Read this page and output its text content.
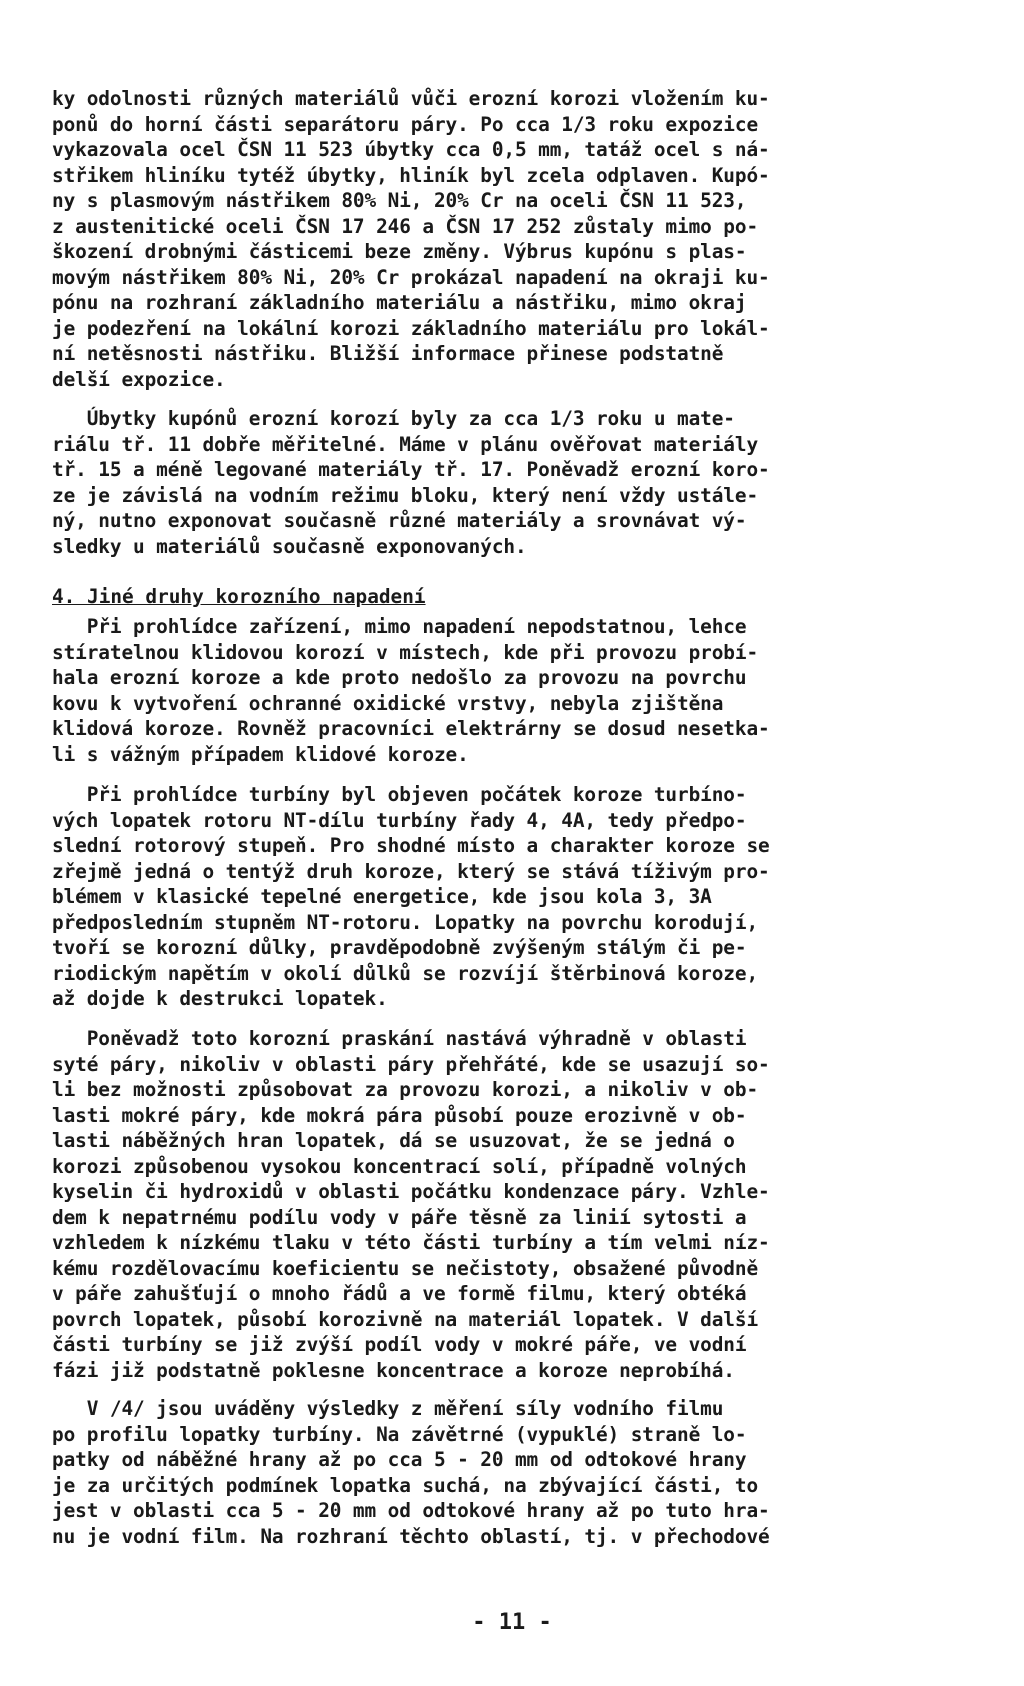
ky odolnosti různých materiálů vůči erozní korozi vložením ku-
ponů do horní části separátoru páry. Po cca 1/3 roku expozice
vykazovala ocel ČSN 11 523 úbytky cca 0,5 mm, tatáž ocel s ná-
střikem hliníku tytéž úbytky, hliník byl zcela odplaven. Kupó-
ny s plasmovým nástřikem 80% Ni, 20% Cr na oceli ČSN 11 523,
z austenitické oceli ČSN 17 246 a ČSN 17 252 zůstaly mimo po-
škození drobnými částicemi beze změny. Výbrus kupónu s plas-
movým nástřikem 80% Ni, 20% Cr prokázal napadení na okraji ku-
pónu na rozhraní základního materiálu a nástřiku, mimo okraj
je podezření na lokální korozi základního materiálu pro lokál-
ní netěsnosti nástřiku. Bližší informace přinese podstatně
delší expozice.
Úbytky kupónů erozní korozí byly za cca 1/3 roku u mate-
riálu tř. 11 dobře měřitelné. Máme v plánu ověřovat materiály
tř. 15 a méně legované materiály tř. 17. Poněvadž erozní koro-
ze je závislá na vodním režimu bloku, který není vždy ustále-
ný, nutno exponovat současně různé materiály a srovnávat vý-
sledky u materiálů současně exponovaných.
4. Jiné druhy korozního napadení
Při prohlídce zařízení, mimo napadení nepodstatnou, lehce
stíratelnou klidovou korozí v místech, kde při provozu probí-
hala erozní koroze a kde proto nedošlo za provozu na povrchu
kovu k vytvoření ochranné oxidické vrstvy, nebyla zjištěna
klidová koroze. Rovněž pracovníci elektrárny se dosud nesetka-
li s vážným případem klidové koroze.
Při prohlídce turbíny byl objeven počátek koroze turbíno-
vých lopatek rotoru NT-dílu turbíny řady 4, 4A, tedy předpo-
slední rotorový stupeň. Pro shodné místo a charakter koroze se
zřejmě jedná o tentýž druh koroze, který se stává tíživým pro-
blémem v klasické tepelné energetice, kde jsou kola 3, 3A
předposledním stupněm NT-rotoru. Lopatky na povrchu korodují,
tvoří se korozní důlky, pravděpodobně zvýšeným stálým či pe-
riodickým napětím v okolí důlků se rozvíjí štěrbinová koroze,
až dojde k destrukci lopatek.
Poněvadž toto korozní praskání nastává výhradně v oblasti
syté páry, nikoliv v oblasti páry přehřáté, kde se usazují so-
li bez možnosti způsobovat za provozu korozi, a nikoliv v ob-
lasti mokré páry, kde mokrá pára působí pouze erozivně v ob-
lasti náběžných hran lopatek, dá se usuzovat, že se jedná o
korozi způsobenou vysokou koncentrací solí, případně volných
kyselin či hydroxidů v oblasti počátku kondenzace páry. Vzhle-
dem k nepatrnému podílu vody v páře těsně za linií sytosti a
vzhledem k nízkému tlaku v této části turbíny a tím velmi níz-
kému rozdělovacímu koeficientu se nečistoty, obsažené původně
v páře zahušťují o mnoho řádů a ve formě filmu, který obtéká
povrch lopatek, působí korozivně na materiál lopatek. V další
části turbíny se již zvýší podíl vody v mokré páře, ve vodní
fázi již podstatně poklesne koncentrace a koroze neprobíhá.
V /4/ jsou uváděny výsledky z měření síly vodního filmu
po profilu lopatky turbíny. Na závětrné (vypuklé) straně lo-
patky od náběžné hrany až po cca 5 - 20 mm od odtokové hrany
je za určitých podmínek lopatka suchá, na zbývající části, to
jest v oblasti cca 5 - 20 mm od odtokové hrany až po tuto hra-
nu je vodní film. Na rozhraní těchto oblastí, tj. v přechodové
- 11 -
